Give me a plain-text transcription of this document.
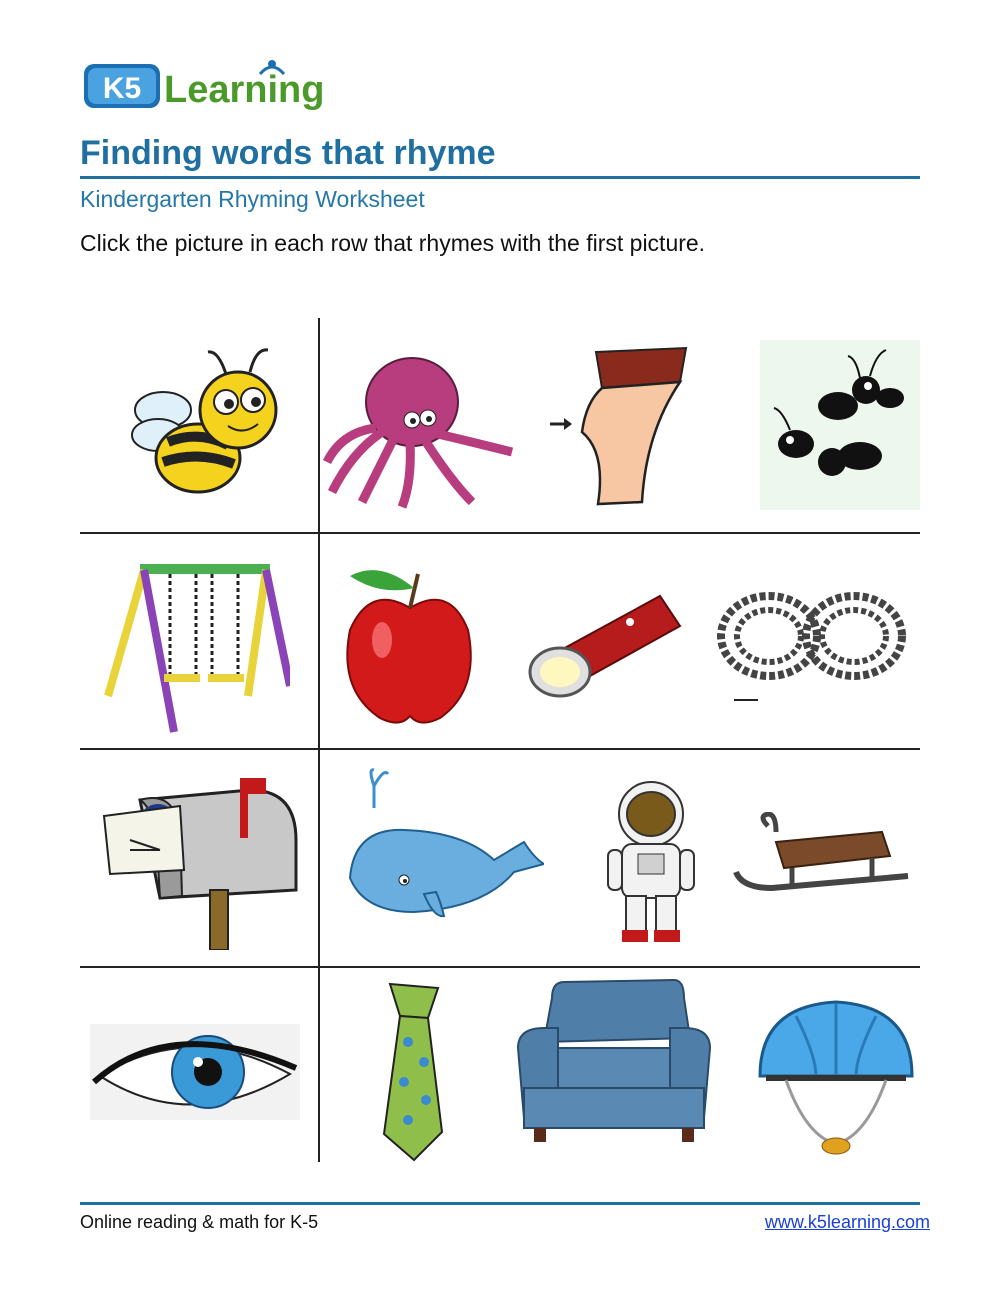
K5 Learning
Finding words that rhyme
Kindergarten Rhyming Worksheet
Click the picture in each row that rhymes with the first picture.
Online reading & math for K-5	www.k5learning.com
